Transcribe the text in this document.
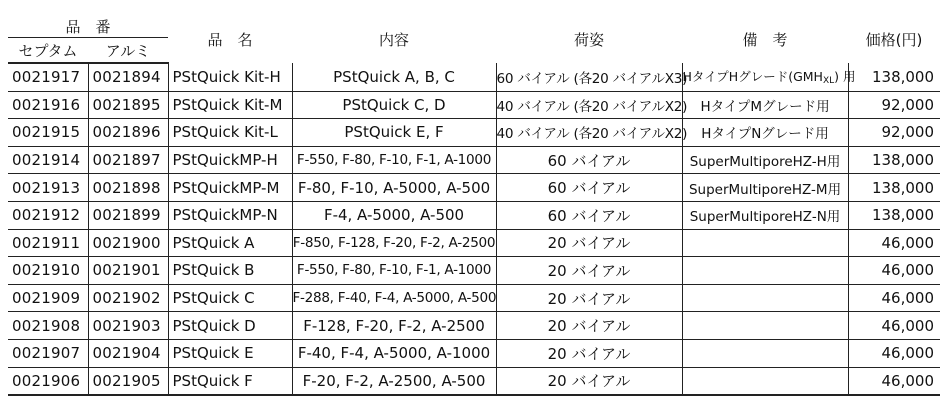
品　番		品　名	内容	荷姿	備　考	価格(円)
セプタム	アルミ					
0021917	0021894	PStQuick Kit-H	PStQuick A, B, C	60 バイアル (各20 バイアルX3)	HタイプHグレード$(GMH_{XL})$ 用	138,000
0021916	0021895	PStQuick Kit-M	PStQuick C, D	40 バイアル (各20 バイアルX2)	HタイプMグレード用	92,000
0021915	0021896	PStQuick Kit-L	PStQuick E, F	40 バイアル (各20 バイアルX2)	HタイプNグレード用	92,000
0021914	0021897	PStQuickMP-H	F-550, F-80, F-10, F-1, A-1000	60 バイアル	SuperMultiporeHZ-H用	138,000
0021913	0021898	PStQuickMP-M	F-80, F-10, A-5000, A-500	60 バイアル	SuperMultiporeHZ-M用	138,000
0021912	0021899	PStQuickMP-N	F-4, A-5000, A-500	60 バイアル	SuperMultiporeHZ-N用	138,000
0021911	0021900	PStQuick A	F-850, F-128, F-20, F-2, A-2500	20 バイアル		46,000
0021910	0021901	PStQuick B	F-550, F-80, F-10, F-1, A-1000	20 バイアル		46,000
0021909	0021902	PStQuick C	F-288, F-40, F-4, A-5000, A-500	20 バイアル		46,000
0021908	0021903	PStQuick D	F-128, F-20, F-2, A-2500	20 バイアル		46,000
0021907	0021904	PStQuick E	F-40, F-4, A-5000, A-1000	20 バイアル		46,000
0021906	0021905	PStQuick F	F-20, F-2, A-2500, A-500	20 バイアル		46,000
